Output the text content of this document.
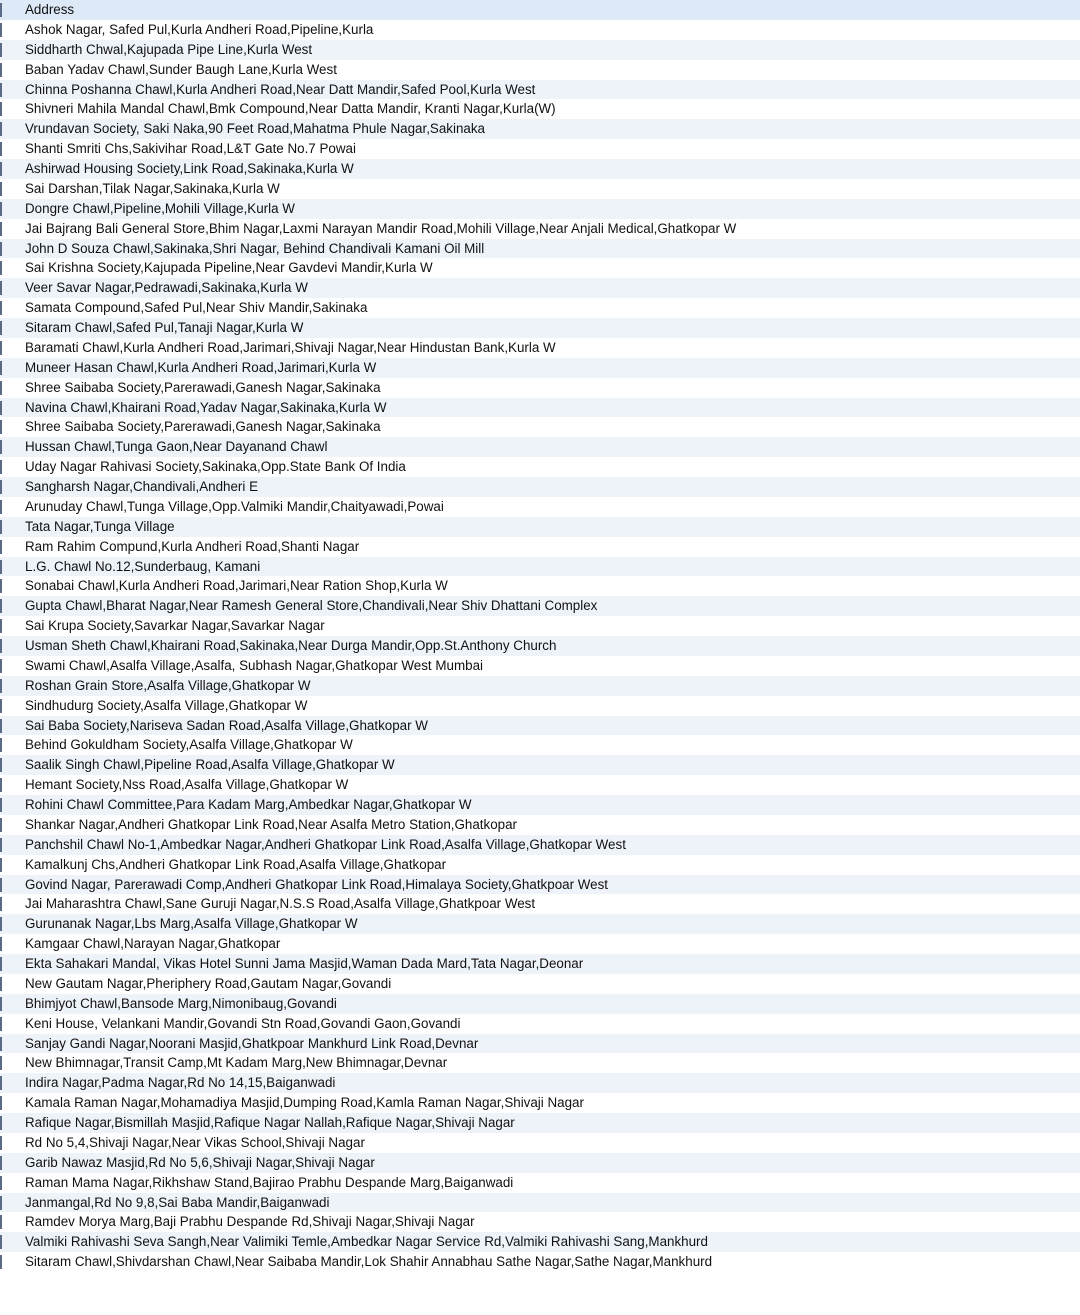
Address
Ashok Nagar, Safed Pul,Kurla Andheri Road,Pipeline,Kurla
Siddharth Chwal,Kajupada Pipe Line,Kurla West
Baban Yadav Chawl,Sunder Baugh Lane,Kurla West
Chinna Poshanna Chawl,Kurla Andheri Road,Near Datt Mandir,Safed Pool,Kurla West
Shivneri Mahila Mandal Chawl,Bmk Compound,Near Datta Mandir, Kranti Nagar,Kurla(W)
Vrundavan Society, Saki Naka,90 Feet Road,Mahatma Phule Nagar,Sakinaka
Shanti Smriti Chs,Sakivihar Road,L&T Gate No.7 Powai
Ashirwad Housing Society,Link Road,Sakinaka,Kurla W
Sai Darshan,Tilak Nagar,Sakinaka,Kurla W
Dongre Chawl,Pipeline,Mohili Village,Kurla W
Jai Bajrang Bali General Store,Bhim Nagar,Laxmi Narayan Mandir Road,Mohili Village,Near Anjali Medical,Ghatkopar W
John D Souza Chawl,Sakinaka,Shri Nagar, Behind Chandivali Kamani Oil Mill
Sai Krishna Society,Kajupada Pipeline,Near Gavdevi Mandir,Kurla W
Veer Savar Nagar,Pedrawadi,Sakinaka,Kurla W
Samata Compound,Safed Pul,Near Shiv Mandir,Sakinaka
Sitaram Chawl,Safed Pul,Tanaji Nagar,Kurla W
Baramati Chawl,Kurla Andheri Road,Jarimari,Shivaji Nagar,Near Hindustan Bank,Kurla W
Muneer Hasan Chawl,Kurla Andheri Road,Jarimari,Kurla W
Shree Saibaba Society,Parerawadi,Ganesh Nagar,Sakinaka
Navina Chawl,Khairani Road,Yadav Nagar,Sakinaka,Kurla W
Shree Saibaba Society,Parerawadi,Ganesh Nagar,Sakinaka
Hussan Chawl,Tunga Gaon,Near Dayanand Chawl
Uday Nagar Rahivasi Society,Sakinaka,Opp.State Bank Of India
Sangharsh Nagar,Chandivali,Andheri E
Arunuday Chawl,Tunga Village,Opp.Valmiki Mandir,Chaityawadi,Powai
Tata Nagar,Tunga Village
Ram Rahim Compund,Kurla Andheri Road,Shanti Nagar
L.G. Chawl No.12,Sunderbaug, Kamani
Sonabai Chawl,Kurla Andheri Road,Jarimari,Near Ration Shop,Kurla W
Gupta Chawl,Bharat Nagar,Near Ramesh General Store,Chandivali,Near Shiv Dhattani Complex
Sai Krupa Society,Savarkar Nagar,Savarkar Nagar
Usman Sheth Chawl,Khairani Road,Sakinaka,Near Durga Mandir,Opp.St.Anthony Church
Swami Chawl,Asalfa Village,Asalfa, Subhash Nagar,Ghatkopar West Mumbai
Roshan Grain Store,Asalfa Village,Ghatkopar W
Sindhudurg Society,Asalfa Village,Ghatkopar W
Sai Baba Society,Nariseva Sadan Road,Asalfa Village,Ghatkopar W
Behind Gokuldham Society,Asalfa Village,Ghatkopar W
Saalik Singh Chawl,Pipeline Road,Asalfa Village,Ghatkopar W
Hemant Society,Nss Road,Asalfa Village,Ghatkopar W
Rohini Chawl Committee,Para Kadam Marg,Ambedkar Nagar,Ghatkopar W
Shankar Nagar,Andheri Ghatkopar Link Road,Near Asalfa Metro Station,Ghatkopar
Panchshil Chawl No-1,Ambedkar Nagar,Andheri Ghatkopar Link Road,Asalfa Village,Ghatkopar West
Kamalkunj Chs,Andheri Ghatkopar Link Road,Asalfa Village,Ghatkopar
Govind Nagar, Parerawadi Comp,Andheri Ghatkopar Link Road,Himalaya Society,Ghatkpoar West
Jai Maharashtra Chawl,Sane Guruji Nagar,N.S.S Road,Asalfa Village,Ghatkpoar West
Gurunanak Nagar,Lbs Marg,Asalfa Village,Ghatkopar W
Kamgaar Chawl,Narayan Nagar,Ghatkopar
Ekta Sahakari Mandal, Vikas Hotel Sunni Jama Masjid,Waman Dada Mard,Tata Nagar,Deonar
New Gautam Nagar,Pheriphery Road,Gautam Nagar,Govandi
Bhimjyot Chawl,Bansode Marg,Nimonibaug,Govandi
Keni House, Velankani Mandir,Govandi Stn Road,Govandi Gaon,Govandi
Sanjay Gandi Nagar,Noorani Masjid,Ghatkpoar Mankhurd Link Road,Devnar
New Bhimnagar,Transit Camp,Mt Kadam Marg,New Bhimnagar,Devnar
Indira Nagar,Padma Nagar,Rd No 14,15,Baiganwadi
Kamala Raman Nagar,Mohamadiya Masjid,Dumping Road,Kamla Raman Nagar,Shivaji Nagar
Rafique Nagar,Bismillah Masjid,Rafique Nagar Nallah,Rafique Nagar,Shivaji Nagar
Rd No 5,4,Shivaji Nagar,Near Vikas School,Shivaji Nagar
Garib Nawaz Masjid,Rd No 5,6,Shivaji Nagar,Shivaji Nagar
Raman Mama Nagar,Rikhshaw Stand,Bajirao Prabhu Despande Marg,Baiganwadi
Janmangal,Rd No 9,8,Sai Baba Mandir,Baiganwadi
Ramdev Morya Marg,Baji Prabhu Despande Rd,Shivaji Nagar,Shivaji Nagar
Valmiki Rahivashi Seva Sangh,Near Valimiki Temle,Ambedkar Nagar Service Rd,Valmiki Rahivashi Sang,Mankhurd
Sitaram Chawl,Shivdarshan Chawl,Near Saibaba Mandir,Lok Shahir Annabhau Sathe Nagar,Sathe Nagar,Mankhurd
